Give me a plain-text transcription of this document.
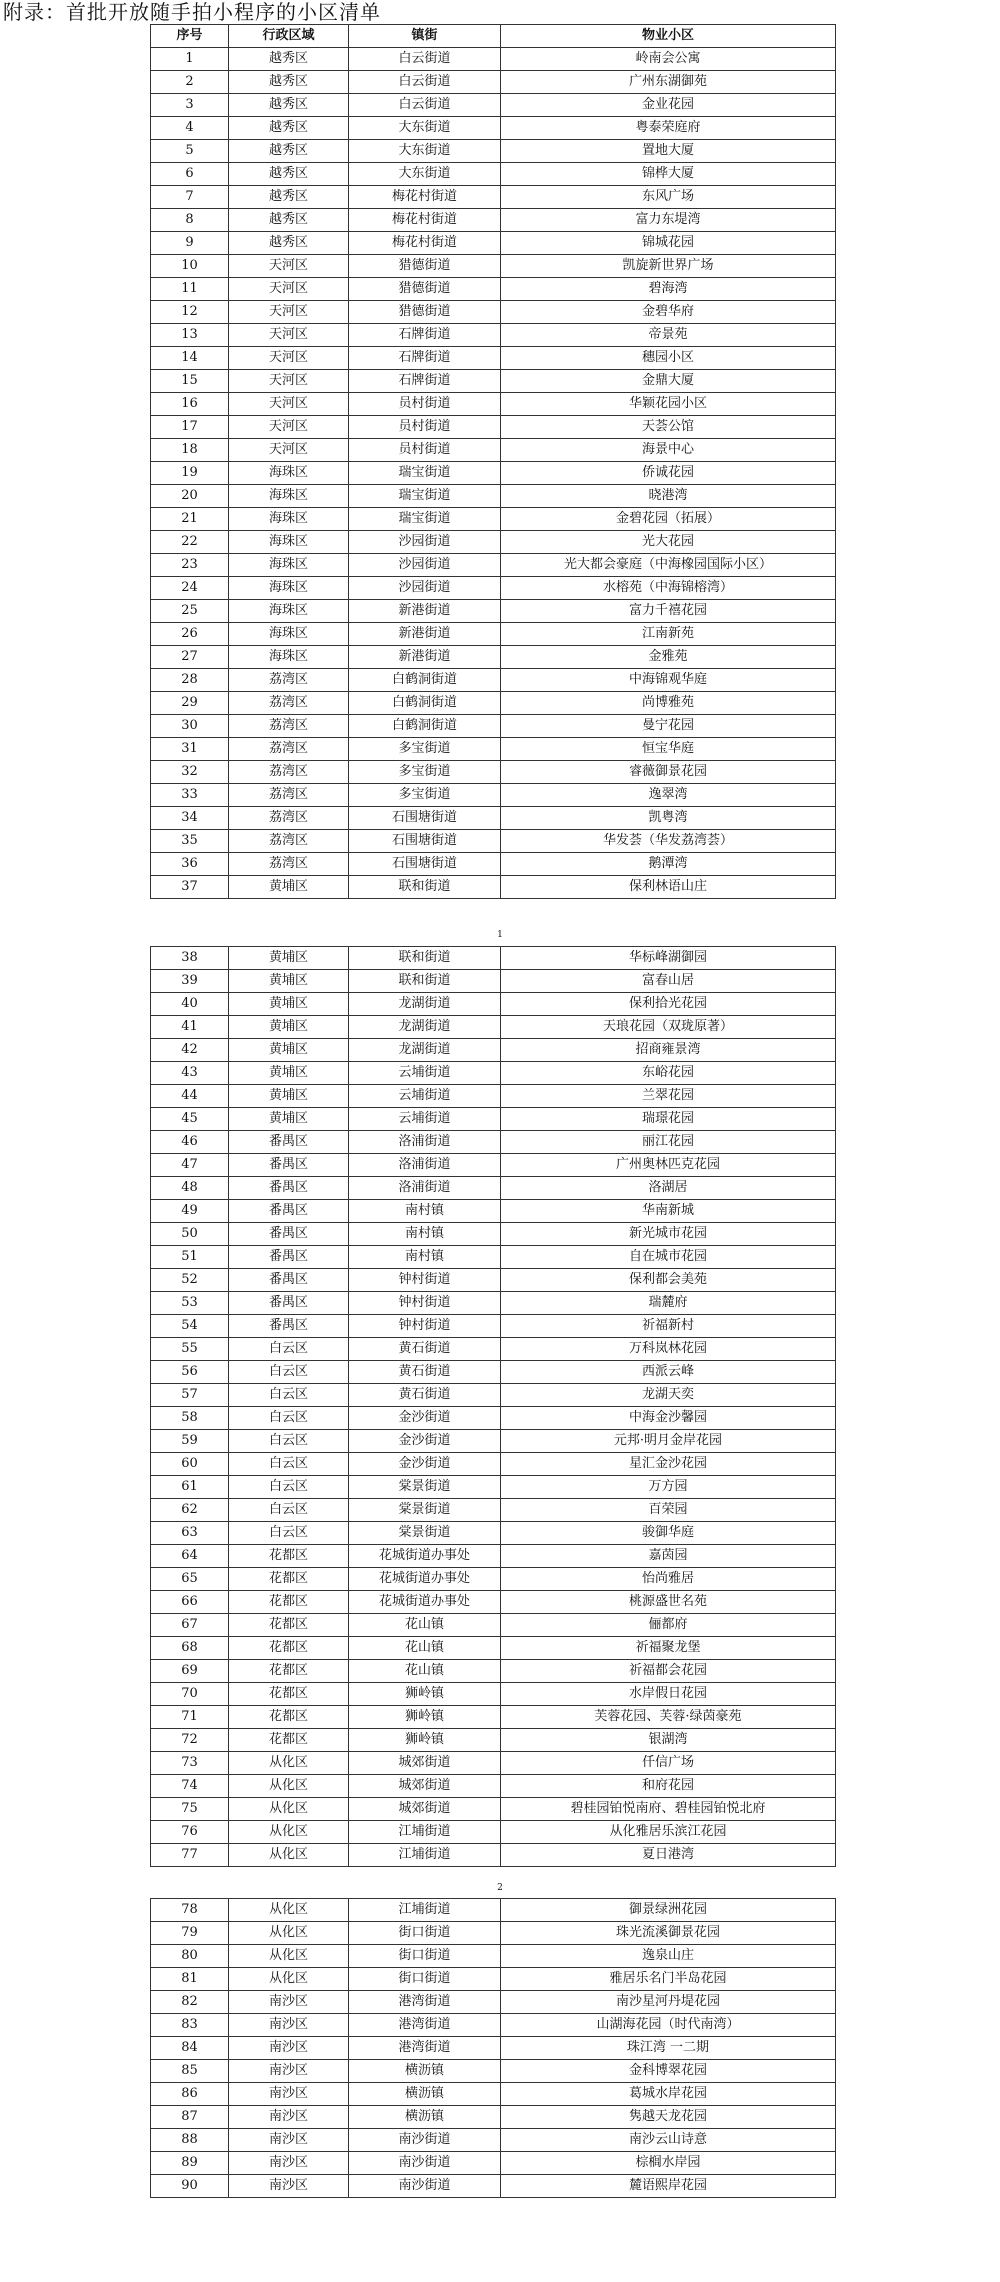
附录：首批开放随手拍小程序的小区清单
序号	行政区域	镇街	物业小区
1	越秀区	白云街道	岭南会公寓
2	越秀区	白云街道	广州东湖御苑
3	越秀区	白云街道	金业花园
4	越秀区	大东街道	粤泰荣庭府
5	越秀区	大东街道	置地大厦
6	越秀区	大东街道	锦桦大厦
7	越秀区	梅花村街道	东风广场
8	越秀区	梅花村街道	富力东堤湾
9	越秀区	梅花村街道	锦城花园
10	天河区	猎德街道	凯旋新世界广场
11	天河区	猎德街道	碧海湾
12	天河区	猎德街道	金碧华府
13	天河区	石牌街道	帝景苑
14	天河区	石牌街道	穗园小区
15	天河区	石牌街道	金鼎大厦
16	天河区	员村街道	华颖花园小区
17	天河区	员村街道	天荟公馆
18	天河区	员村街道	海景中心
19	海珠区	瑞宝街道	侨诚花园
20	海珠区	瑞宝街道	晓港湾
21	海珠区	瑞宝街道	金碧花园（拓展）
22	海珠区	沙园街道	光大花园
23	海珠区	沙园街道	光大都会豪庭（中海橡园国际小区）
24	海珠区	沙园街道	水榕苑（中海锦榕湾）
25	海珠区	新港街道	富力千禧花园
26	海珠区	新港街道	江南新苑
27	海珠区	新港街道	金雅苑
28	荔湾区	白鹤洞街道	中海锦观华庭
29	荔湾区	白鹤洞街道	尚博雅苑
30	荔湾区	白鹤洞街道	曼宁花园
31	荔湾区	多宝街道	恒宝华庭
32	荔湾区	多宝街道	睿薇御景花园
33	荔湾区	多宝街道	逸翠湾
34	荔湾区	石围塘街道	凯粤湾
35	荔湾区	石围塘街道	华发荟（华发荔湾荟）
36	荔湾区	石围塘街道	鹅潭湾
37	黄埔区	联和街道	保利林语山庄
1
38	黄埔区	联和街道	华标峰湖御园
39	黄埔区	联和街道	富春山居
40	黄埔区	龙湖街道	保利拾光花园
41	黄埔区	龙湖街道	天琅花园（双珑原著）
42	黄埔区	龙湖街道	招商雍景湾
43	黄埔区	云埔街道	东峪花园
44	黄埔区	云埔街道	兰翠花园
45	黄埔区	云埔街道	瑞璟花园
46	番禺区	洛浦街道	丽江花园
47	番禺区	洛浦街道	广州奥林匹克花园
48	番禺区	洛浦街道	洛湖居
49	番禺区	南村镇	华南新城
50	番禺区	南村镇	新光城市花园
51	番禺区	南村镇	自在城市花园
52	番禺区	钟村街道	保利都会美苑
53	番禺区	钟村街道	瑞麓府
54	番禺区	钟村街道	祈福新村
55	白云区	黄石街道	万科岚林花园
56	白云区	黄石街道	西派云峰
57	白云区	黄石街道	龙湖天奕
58	白云区	金沙街道	中海金沙馨园
59	白云区	金沙街道	元邦·明月金岸花园
60	白云区	金沙街道	星汇金沙花园
61	白云区	棠景街道	万方园
62	白云区	棠景街道	百荣园
63	白云区	棠景街道	骏御华庭
64	花都区	花城街道办事处	嘉茵园
65	花都区	花城街道办事处	怡尚雅居
66	花都区	花城街道办事处	桃源盛世名苑
67	花都区	花山镇	俪都府
68	花都区	花山镇	祈福聚龙堡
69	花都区	花山镇	祈福都会花园
70	花都区	狮岭镇	水岸假日花园
71	花都区	狮岭镇	芙蓉花园、芙蓉·绿茵豪苑
72	花都区	狮岭镇	银湖湾
73	从化区	城郊街道	仟信广场
74	从化区	城郊街道	和府花园
75	从化区	城郊街道	碧桂园铂悦南府、碧桂园铂悦北府
76	从化区	江埔街道	从化雅居乐滨江花园
77	从化区	江埔街道	夏日港湾
2
78	从化区	江埔街道	御景绿洲花园
79	从化区	街口街道	珠光流溪御景花园
80	从化区	街口街道	逸泉山庄
81	从化区	街口街道	雅居乐名门半岛花园
82	南沙区	港湾街道	南沙星河丹堤花园
83	南沙区	港湾街道	山湖海花园（时代南湾）
84	南沙区	港湾街道	珠江湾 一二期
85	南沙区	横沥镇	金科博翠花园
86	南沙区	横沥镇	葛城水岸花园
87	南沙区	横沥镇	隽越天龙花园
88	南沙区	南沙街道	南沙云山诗意
89	南沙区	南沙街道	棕榈水岸园
90	南沙区	南沙街道	麓语熙岸花园
